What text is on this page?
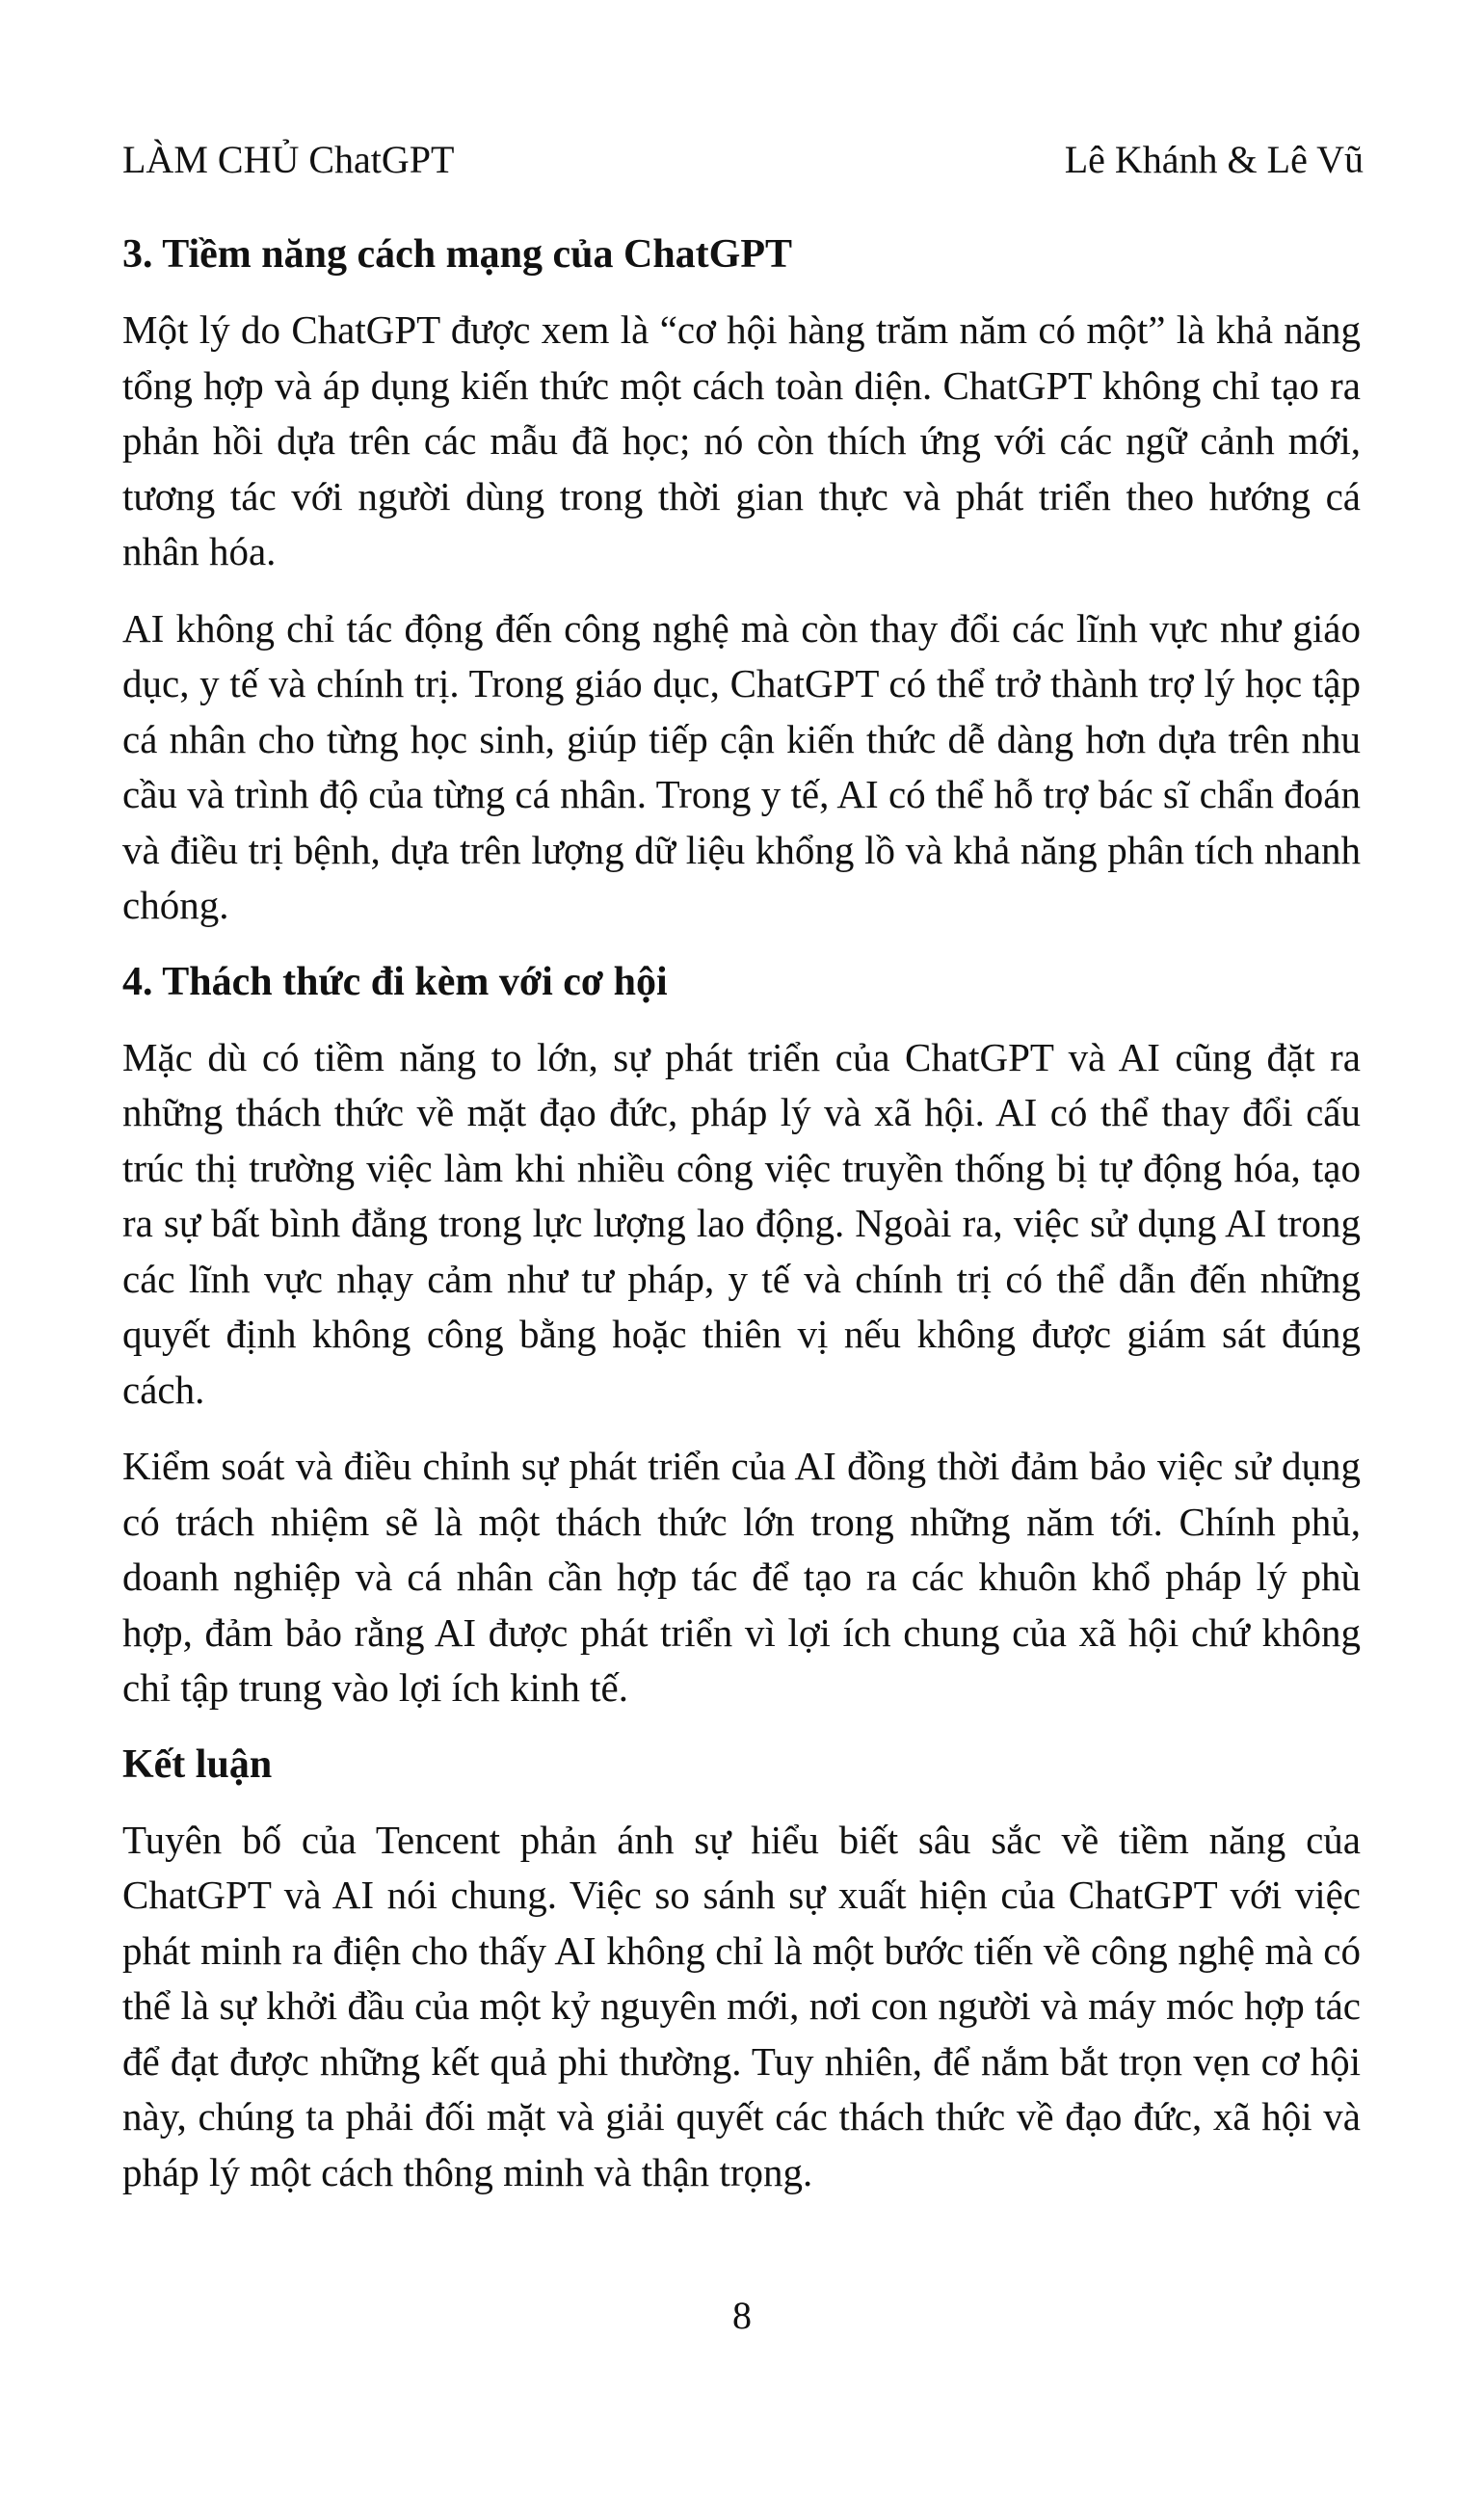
LÀM CHỦ ChatGPT	Lê Khánh & Lê Vũ
3. Tiềm năng cách mạng của ChatGPT

Một lý do ChatGPT được xem là “cơ hội hàng trăm năm có một” là khả năng tổng hợp và áp dụng kiến thức một cách toàn diện. ChatGPT không chỉ tạo ra phản hồi dựa trên các mẫu đã học; nó còn thích ứng với các ngữ cảnh mới, tương tác với người dùng trong thời gian thực và phát triển theo hướng cá nhân hóa.

AI không chỉ tác động đến công nghệ mà còn thay đổi các lĩnh vực như giáo dục, y tế và chính trị. Trong giáo dục, ChatGPT có thể trở thành trợ lý học tập cá nhân cho từng học sinh, giúp tiếp cận kiến thức dễ dàng hơn dựa trên nhu cầu và trình độ của từng cá nhân. Trong y tế, AI có thể hỗ trợ bác sĩ chẩn đoán và điều trị bệnh, dựa trên lượng dữ liệu khổng lồ và khả năng phân tích nhanh chóng.

4. Thách thức đi kèm với cơ hội

Mặc dù có tiềm năng to lớn, sự phát triển của ChatGPT và AI cũng đặt ra những thách thức về mặt đạo đức, pháp lý và xã hội. AI có thể thay đổi cấu trúc thị trường việc làm khi nhiều công việc truyền thống bị tự động hóa, tạo ra sự bất bình đẳng trong lực lượng lao động. Ngoài ra, việc sử dụng AI trong các lĩnh vực nhạy cảm như tư pháp, y tế và chính trị có thể dẫn đến những quyết định không công bằng hoặc thiên vị nếu không được giám sát đúng cách.

Kiểm soát và điều chỉnh sự phát triển của AI đồng thời đảm bảo việc sử dụng có trách nhiệm sẽ là một thách thức lớn trong những năm tới. Chính phủ, doanh nghiệp và cá nhân cần hợp tác để tạo ra các khuôn khổ pháp lý phù hợp, đảm bảo rằng AI được phát triển vì lợi ích chung của xã hội chứ không chỉ tập trung vào lợi ích kinh tế.

Kết luận

Tuyên bố của Tencent phản ánh sự hiểu biết sâu sắc về tiềm năng của ChatGPT và AI nói chung. Việc so sánh sự xuất hiện của ChatGPT với việc phát minh ra điện cho thấy AI không chỉ là một bước tiến về công nghệ mà có thể là sự khởi đầu của một kỷ nguyên mới, nơi con người và máy móc hợp tác để đạt được những kết quả phi thường. Tuy nhiên, để nắm bắt trọn vẹn cơ hội này, chúng ta phải đối mặt và giải quyết các thách thức về đạo đức, xã hội và pháp lý một cách thông minh và thận trọng.

8
